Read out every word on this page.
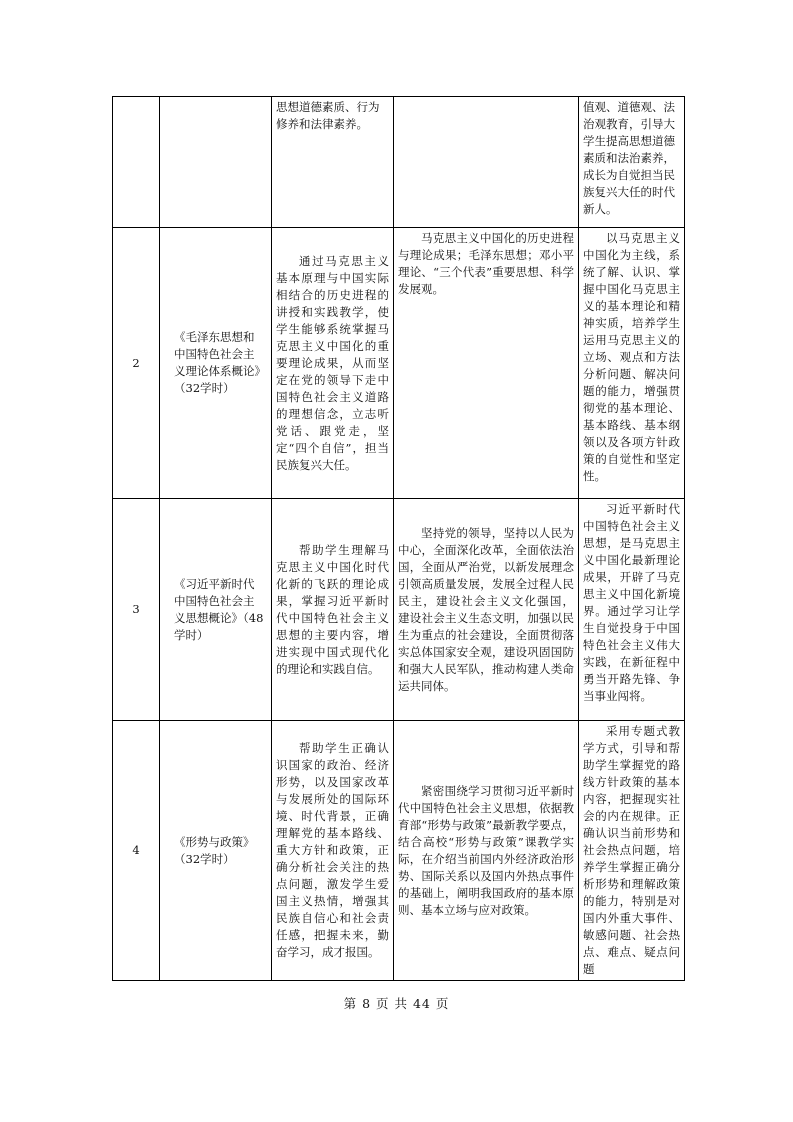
		思想道德素质、行为修养和法律素养。		值观、道德观、法治观教育，引导大学生提高思想道德素质和法治素养，成长为自觉担当民族复兴大任的时代新人。
2	《毛泽东思想和中国特色社会主义理论体系概论》（32学时）	通过马克思主义基本原理与中国实际相结合的历史进程的讲授和实践教学，使学生能够系统掌握马克思主义中国化的重要理论成果，从而坚定在党的领导下走中国特色社会主义道路的理想信念，立志听党话、跟党走，坚定“四个自信”，担当民族复兴大任。	马克思主义中国化的历史进程与理论成果；毛泽东思想；邓小平理论、“三个代表”重要思想、科学发展观。	以马克思主义中国化为主线，系统了解、认识、掌握中国化马克思主义的基本理论和精神实质，培养学生运用马克思主义的立场、观点和方法分析问题、解决问题的能力，增强贯彻党的基本理论、基本路线、基本纲领以及各项方针政策的自觉性和坚定性。
3	《习近平新时代中国特色社会主义思想概论》（48学时）	帮助学生理解马克思主义中国化时代化新的飞跃的理论成果，掌握习近平新时代中国特色社会主义思想的主要内容，增进实现中国式现代化的理论和实践自信。	坚持党的领导，坚持以人民为中心，全面深化改革，全面依法治国，全面从严治党，以新发展理念引领高质量发展，发展全过程人民民主，建设社会主义文化强国， 建设社会主义生态文明，加强以民生为重点的社会建设，全面贯彻落实总体国家安全观，建设巩固国防和强大人民军队，推动构建人类命运共同体。	习近平新时代中国特色社会主义思想，是马克思主义中国化最新理论成果，开辟了马克思主义中国化新境界。通过学习让学生自觉投身于中国特色社会主义伟大实践，在新征程中勇当开路先锋、争当事业闯将。
4	《形势与政策》（32学时）	帮助学生正确认识国家的政治、经济形势，以及国家改革与发展所处的国际环境、时代背景，正确理解党的基本路线、重大方针和政策，正确分析社会关注的热点问题，激发学生爱国主义热情，增强其民族自信心和社会责任感，把握未来，勤奋学习，成才报国。	紧密围绕学习贯彻习近平新时代中国特色社会主义思想，依据教育部“形势与政策”最新教学要点，结合高校“形势与政策”课教学实际，在介绍当前国内外经济政治形势、国际关系以及国内外热点事件的基础上，阐明我国政府的基本原则、基本立场与应对政策。	采用专题式教学方式，引导和帮助学生掌握党的路线方针政策的基本内容，把握现实社会的内在规律。正确认识当前形势和社会热点问题，培养学生掌握正确分析形势和理解政策的能力，特别是对国内外重大事件、敏感问题、社会热点、难点、疑点问题
第 8 页 共 44 页
